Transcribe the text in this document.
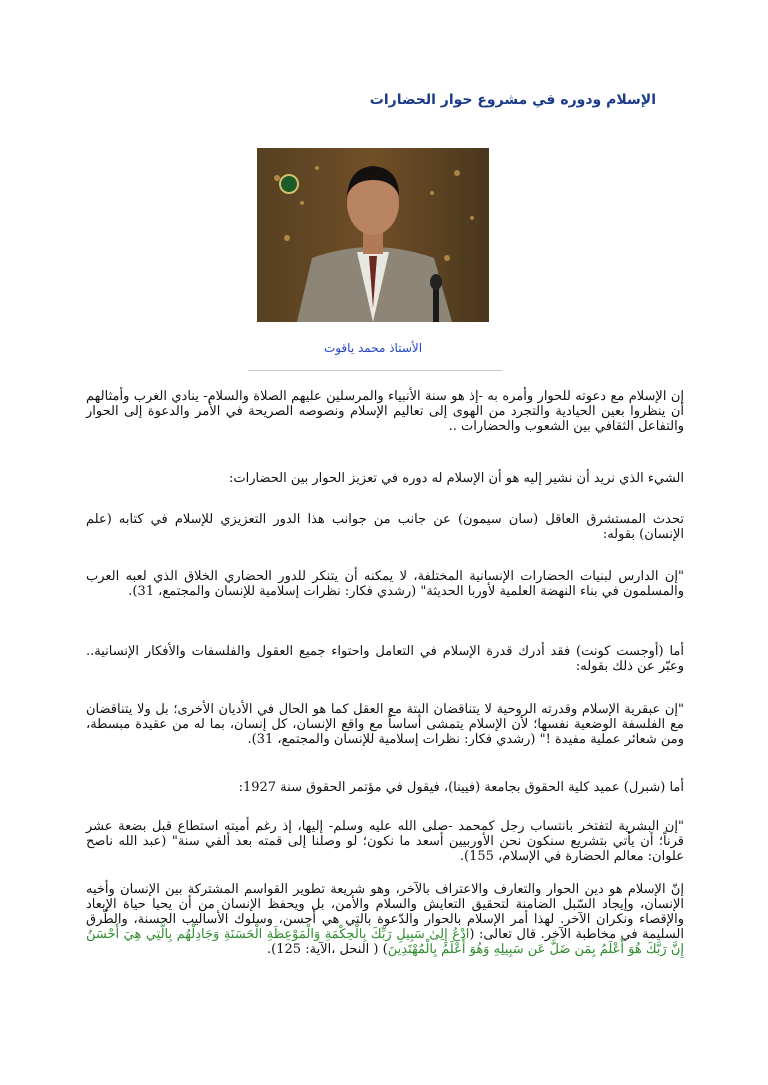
الإسلام ودوره في مشروع حوار الحضارات
الأستاذ محمد ياقوت
إن الإسلام مع دعوته للحوار وأمره به -إذ هو سنة الأنبياء والمرسلين عليهم الصلاة والسلام- ينادي الغرب وأمثالهم أن ينظروا بعين الحيادية والتجرد من الهوى إلى تعاليم الإسلام ونصوصه الصريحة في الأمر والدعوة إلى الحوار والتفاعل الثقافي بين الشعوب والحضارات ..
الشيء الذي نريد أن نشير إليه هو أن الإسلام له دوره في تعزيز الحوار بين الحضارات:
تحدث المستشرق العاقل (سان سيمون) عن جانب من جوانب هذا الدور التعزيزي للإسلام في كتابه (علم الإنسان) بقوله:
"إن الدارس لبنيات الحضارات الإنسانية المختلفة، لا يمكنه أن يتنكر للدور الحضاري الخلاق الذي لعبه العرب والمسلمون في بناء النهضة العلمية لأوربا الحديثة" (رشدي فكار: نظرات إسلامية للإنسان والمجتمع، 31).
أما (أوجست كونت) فقد أدرك قدرة الإسلام في التعامل واحتواء جميع العقول والفلسفات والأفكار الإنسانية.. وعبّر عن ذلك بقوله:
"إن عبقرية الإسلام وقدرته الروحية لا يتناقضان البتة مع العقل كما هو الحال في الأديان الأخرى؛ بل ولا يتناقضان مع الفلسفة الوضعية نفسها؛ لأن الإسلام يتمشى أساساً مع واقع الإنسان، كل إنسان، بما له من عقيدة مبسطة، ومن شعائر عملية مفيدة !" (رشدي فكار: نظرات إسلامية للإنسان والمجتمع، 31).
أما (شبرل) عميد كلية الحقوق بجامعة (فيينا)، فيقول في مؤتمر الحقوق سنة 1927:
"إن البشرية لتفتخر بانتساب رجل كمحمد -صلى الله عليه وسلم- إليها، إذ رغم أميته استطاع قبل بضعة عشر قرناً؛ أن يأتي بتشريع سنكون نحن الأوربيين أسعد ما نكون؛ لو وصلنا إلى قمته بعد ألفي سنة" (عبد الله ناصح علوان: معالم الحضارة في الإسلام، 155).
إنّ الإسلام هو دين الحوار والتعارف والاعتراف بالآخر، وهو شريعة تطوير القواسم المشتركة بين الإنسان وأخيه الإنسان، وإيجاد السّبل الضامنة لتحقيق التعايش والسلام والأمن، بل ويحفظ الإنسان من أن يحيا حياة الإبعاد والإقصاء ونكران الآخر. لهذا أمر الإسلام بالحوار والدّعوة بالتي هي أحسن، وسلوك الأساليب الحسنة، والطّرق السليمة في مخاطبة الآخر. قال تعالى: (ادْعُ إِلِىٰ سَبِيلِ رَبِّكَ بِالْحِكْمَةِ وَالْمَوْعِظَةِ الْحَسَنَةِ وَجَادِلْهُم بِالَّتِي هِيَ أَحْسَنُ إِنَّ رَبَّكَ هُوَ أَعْلَمُ بِمَن ضَلَّ عَن سَبِيلِهِ وَهُوَ أَعْلَمُ بِالْمُهْتَدِينَ) ( النحل ،الآية: 125).
